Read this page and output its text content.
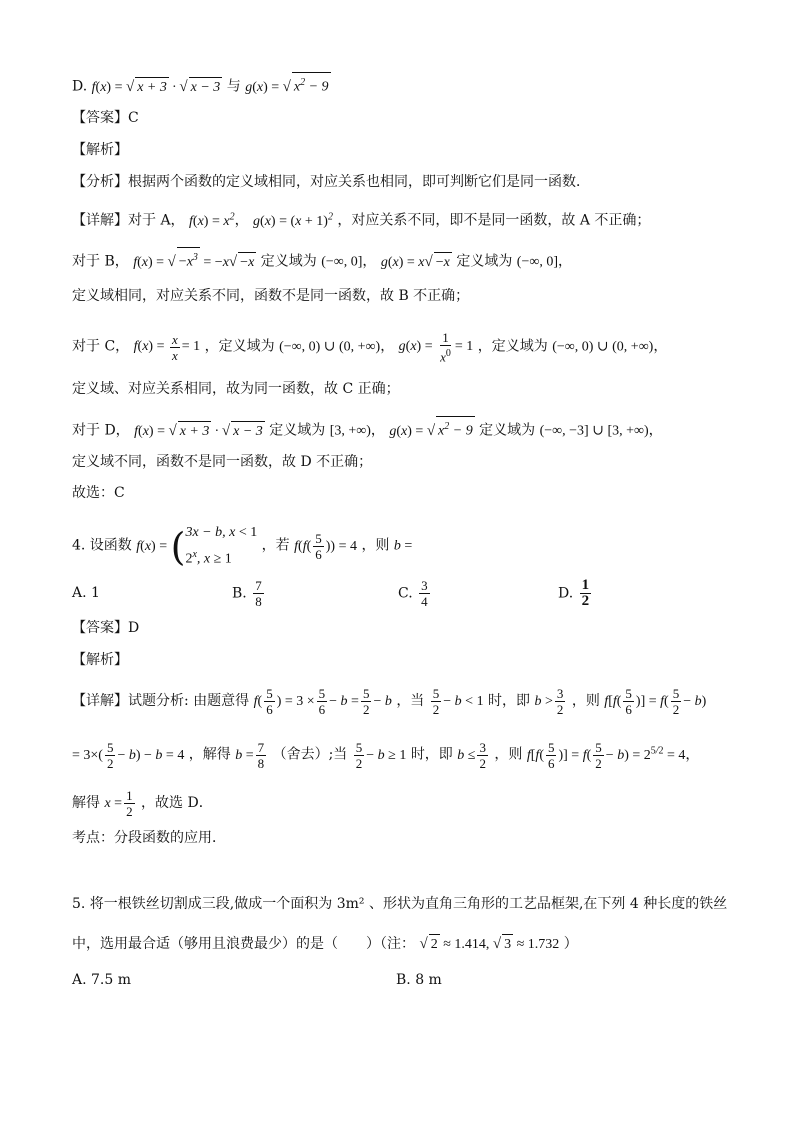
D. f(x) = √ x + 3 · √ x − 3 与 g(x) = √ $x^2 - 9$
【答案】C
【解析】
【分析】根据两个函数的定义域相同，对应关系也相同，即可判断它们是同一函数．
【详解】对于 A， $f(x) = x^2$， $g(x) = (x + 1)^2$ ，对应关系不同，即不是同一函数，故 A 不正确；
对于 B， f(x) = √ $-x^3 = -x√ -x$ 定义域为 (−∞, 0]， g(x) = x√ −x 定义域为 (−∞, 0]，
定义域相同，对应关系不同，函数不是同一函数，故 B 不正确；
对于 C， $f(x) = \frac{x}{x} = 1$ ，定义域为 (−∞, 0) ∪ (0, +∞)， $g(x) = \frac{1}{x^0} = 1$ ，定义域为 (−∞, 0) ∪ (0, +∞)，
定义域、对应关系相同，故为同一函数，故 C 正确；
对于 D， f(x) = √ x + 3 · √ x − 3 定义域为 [3, +∞)， g(x) = √ $x^2 - 9$ 定义域为 (−∞, −3] ∪ [3, +∞)，
定义域不同，函数不是同一函数，故 D 不正确；
故选：C
4. 设函数 f(x) = ( 3x − b, x < 1
2$^x$, x ≥ 1
，若 $f(f( \frac{5}{6}$ )) = 4 ，则 b =
A. 1	B. $\frac{7}{8}$	C. $\frac{3}{4}$	D. $\frac{1}{2}$
【答案】D
【解析】
【详解】试题分析: 由题意得 $f( \frac{5}{6}$ ) = $3 \times \frac{5}{6} - b = \frac{5}{2} - b$ ，当 $\frac{5}{2} - b < 1$ 时，即 $b > \frac{3}{2}$ ，则 $f[f( \frac{5}{6}$ )] = $f( \frac{5}{2} - b)$
= $3\times( \frac{5}{2} - b) - b = 4$ ，解得 $b = \frac{7}{8}$ （舍去）;当 $\frac{5}{2} - b \ge 1$ 时，即 $b \le \frac{3}{2}$ ，则 $f[f( \frac{5}{6}$ )] = $f( \frac{5}{2} - b) = 2^{5/2} = 4$，
解得 $x = \frac{1}{2}$ ，故选 D．
考点：分段函数的应用．
5. 将一根铁丝切割成三段,做成一个面积为 3m² 、形状为直角三角形的工艺品框架,在下列 4 种长度的铁丝
中，选用最合适（够用且浪费最少）的是（　　）（注： √ 2 ≈ 1.414, √ 3 ≈ 1.732 ）
A. 7.5 m	B. 8 m
